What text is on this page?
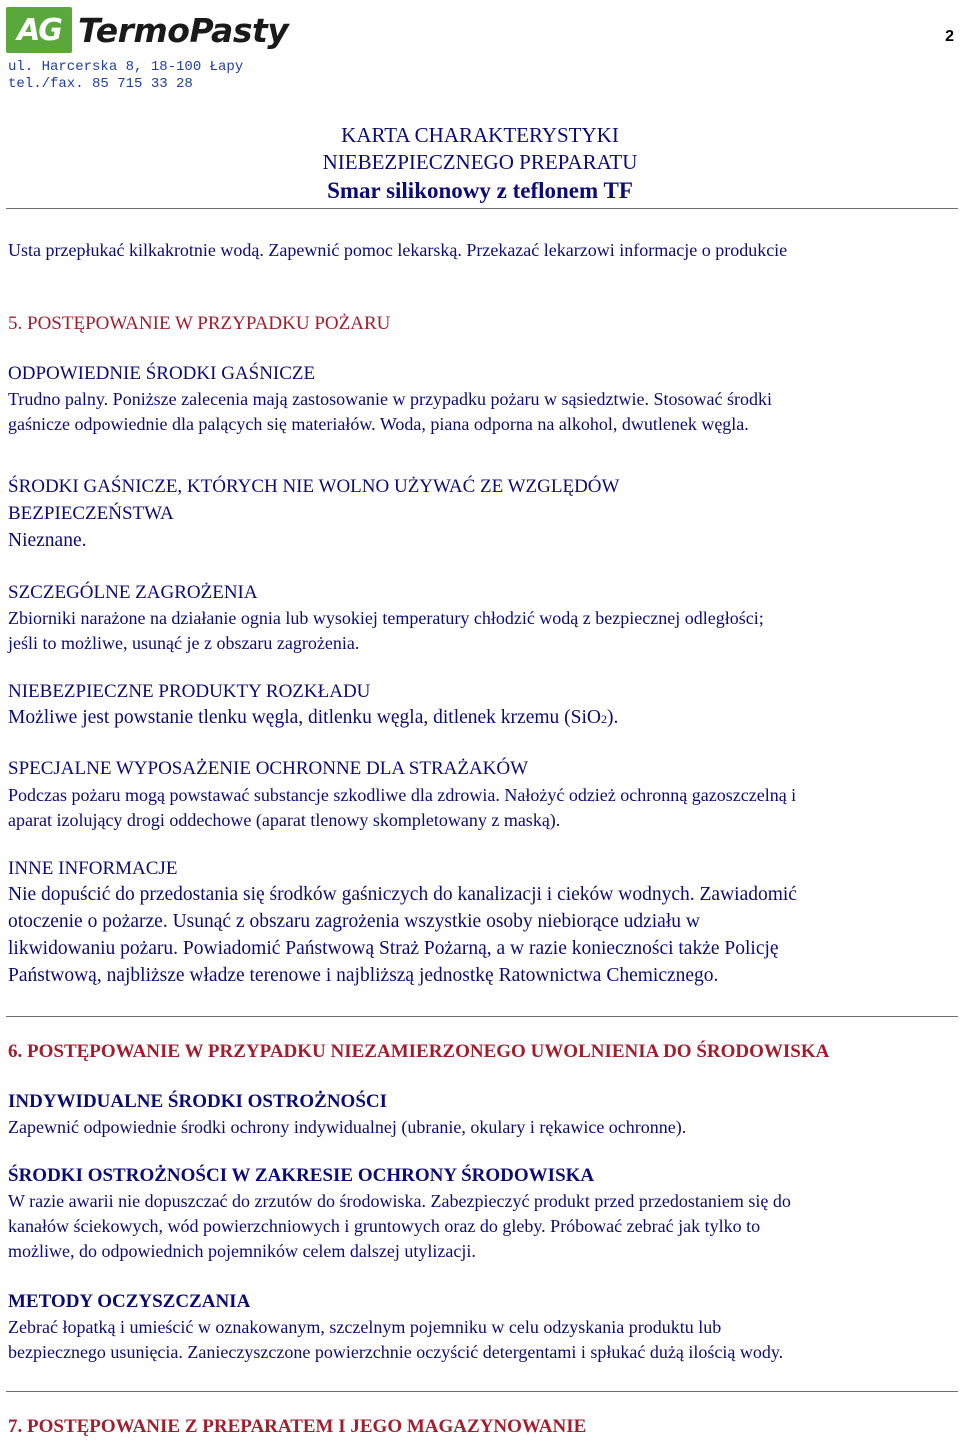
AG TermoPasty	2
ul. Harcerska 8, 18-100 Łapy
tel./fax. 85 715 33 28
KARTA CHARAKTERYSTYKI
NIEBEZPIECZNEGO PREPARATU
Smar silikonowy z teflonem TF
Usta przepłukać kilkakrotnie wodą. Zapewnić pomoc lekarską. Przekazać lekarzowi informacje o produkcie
5. POSTĘPOWANIE W PRZYPADKU POŻARU
ODPOWIEDNIE ŚRODKI GAŚNICZE
Trudno palny. Poniższe zalecenia mają zastosowanie w przypadku pożaru w sąsiedztwie. Stosować środki
gaśnicze odpowiednie dla palących się materiałów. Woda, piana odporna na alkohol, dwutlenek węgla.
ŚRODKI GAŚNICZE, KTÓRYCH NIE WOLNO UŻYWAĆ ZE WZGLĘDÓW
BEZPIECZEŃSTWA
Nieznane.
SZCZEGÓLNE ZAGROŻENIA
Zbiorniki narażone na działanie ognia lub wysokiej temperatury chłodzić wodą z bezpiecznej odległości;
jeśli to możliwe, usunąć je z obszaru zagrożenia.
NIEBEZPIECZNE PRODUKTY ROZKŁADU
Możliwe jest powstanie tlenku węgla, ditlenku węgla, ditlenek krzemu (SiO2).
SPECJALNE WYPOSAŻENIE OCHRONNE DLA STRAŻAKÓW
Podczas pożaru mogą powstawać substancje szkodliwe dla zdrowia. Nałożyć odzież ochronną gazoszczelną i
aparat izolujący drogi oddechowe (aparat tlenowy skompletowany z maską).
INNE INFORMACJE
Nie dopuścić do przedostania się środków gaśniczych do kanalizacji i cieków wodnych. Zawiadomić
otoczenie o pożarze. Usunąć z obszaru zagrożenia wszystkie osoby niebiorące udziału w
likwidowaniu pożaru. Powiadomić Państwową Straż Pożarną, a w razie konieczności także Policję
Państwową, najbliższe władze terenowe i najbliższą jednostkę Ratownictwa Chemicznego.
6. POSTĘPOWANIE W PRZYPADKU NIEZAMIERZONEGO UWOLNIENIA DO ŚRODOWISKA
INDYWIDUALNE ŚRODKI OSTROŻNOŚCI
Zapewnić odpowiednie środki ochrony indywidualnej (ubranie, okulary i rękawice ochronne).
ŚRODKI OSTROŻNOŚCI W ZAKRESIE OCHRONY ŚRODOWISKA
W razie awarii nie dopuszczać do zrzutów do środowiska. Zabezpieczyć produkt przed przedostaniem się do
kanałów ściekowych, wód powierzchniowych i gruntowych oraz do gleby. Próbować zebrać jak tylko to
możliwe, do odpowiednich pojemników celem dalszej utylizacji.
METODY OCZYSZCZANIA
Zebrać łopatką i umieścić w oznakowanym, szczelnym pojemniku w celu odzyskania produktu lub
bezpiecznego usunięcia. Zanieczyszczone powierzchnie oczyścić detergentami i spłukać dużą ilością wody.
7. POSTĘPOWANIE Z PREPARATEM I JEGO MAGAZYNOWANIE
